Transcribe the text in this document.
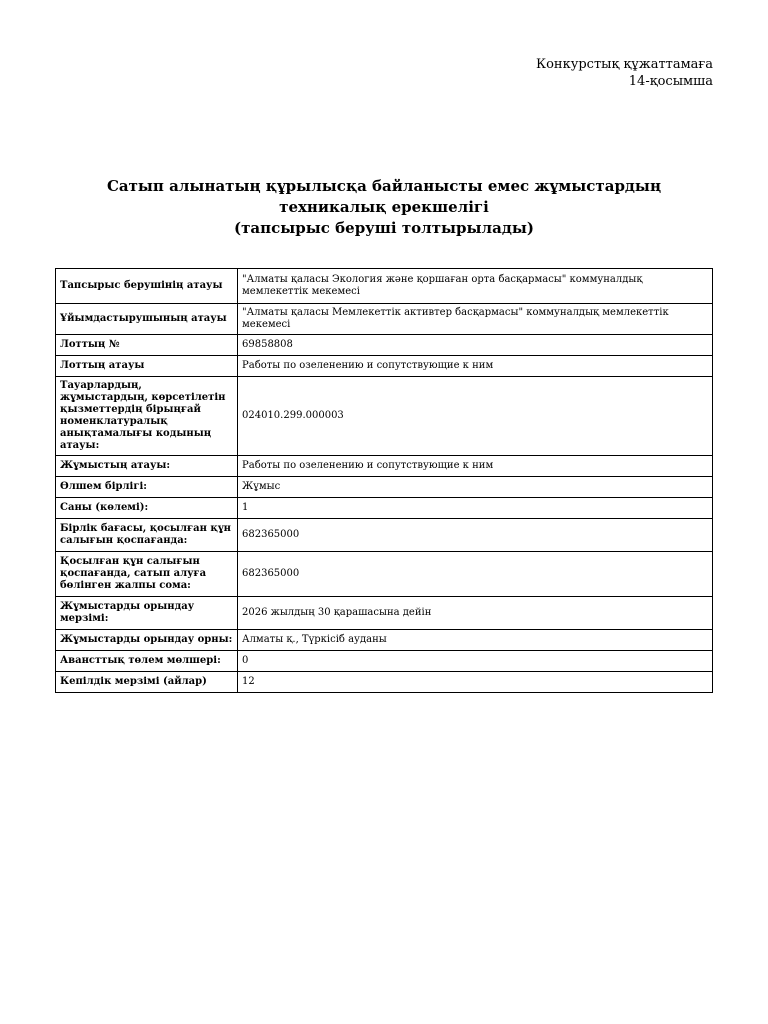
Конкурстық құжаттамаға
14-қосымша
Сатып алынатың құрылысқа байланысты емес жұмыстардың
техникалық ерекшелігі
(тапсырыс беруші толтырылады)
Тапсырыс берушінің атауы	"Алматы қаласы Экология және қоршаған орта басқармасы" коммуналдық мемлекеттік мекемесі
Ұйымдастырушының атауы	"Алматы қаласы Мемлекеттік активтер басқармасы" коммуналдық мемлекеттік мекемесі
Лоттың №	69858808
Лоттың атауы	Работы по озеленению и сопутствующие к ним
Тауарлардың, жұмыстардың, көрсетілетін қызметтердің бірыңғай номенклатуралық анықтамалығы кодының атауы:	024010.299.000003
Жұмыстың атауы:	Работы по озеленению и сопутствующие к ним
Өлшем бірлігі:	Жұмыс
Саны (көлемі):	1
Бірлік бағасы, қосылған құн салығын қоспағанда:	682365000
Қосылған құн салығын қоспағанда, сатып алуға бөлінген жалпы сома:	682365000
Жұмыстарды орындау мерзімі:	2026 жылдың 30 қарашасына дейін
Жұмыстарды орындау орны:	Алматы қ., Түркісіб ауданы
Авансттық төлем мөлшері:	0
Кепілдік мерзімі (айлар)	12
